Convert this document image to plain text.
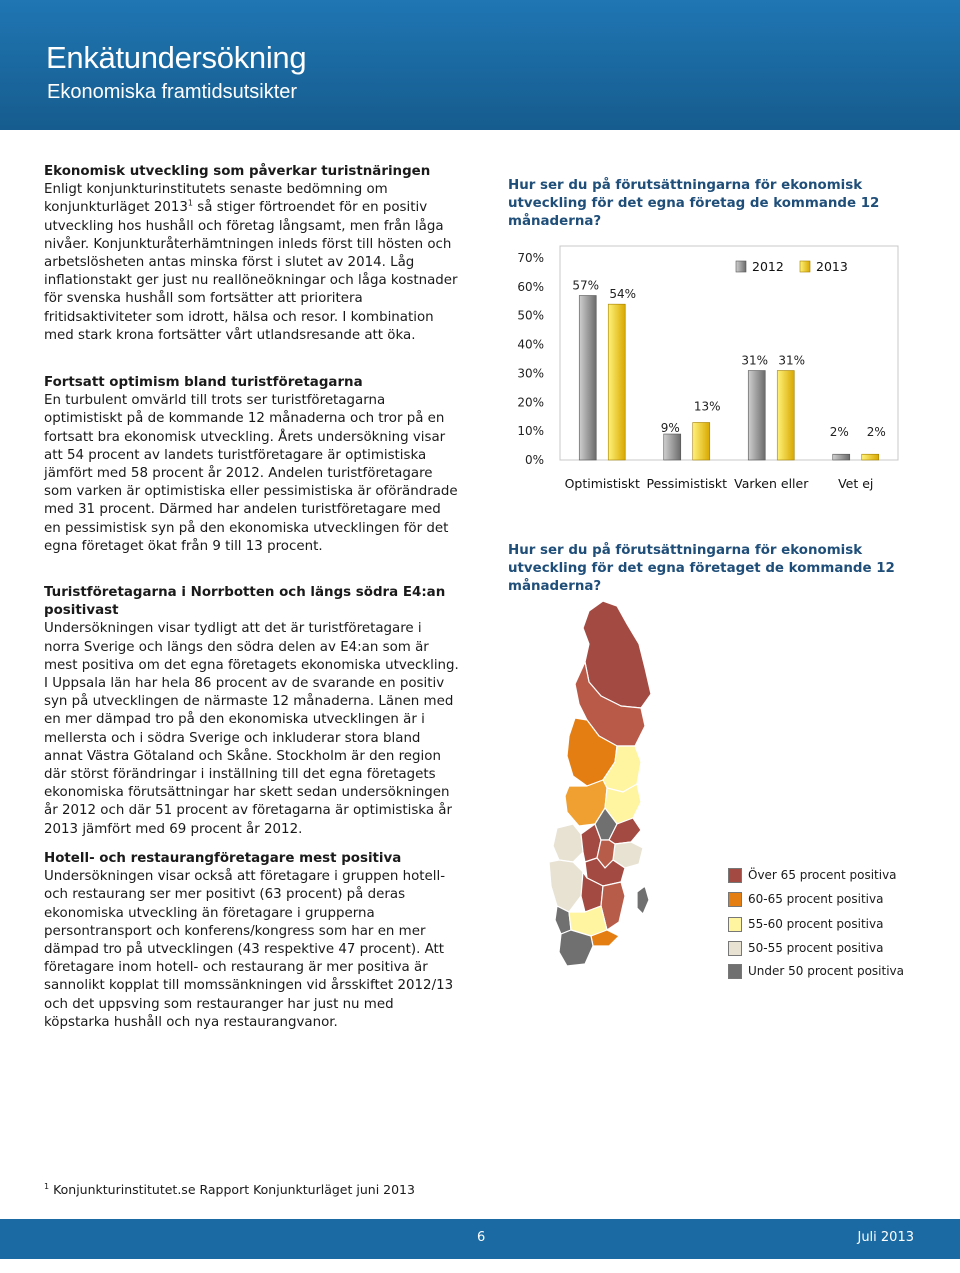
Enkätundersökning
Ekonomiska framtidsutsikter
Ekonomisk utveckling som påverkar turistnäringen

Enligt konjunkturinstitutets senaste bedömning om konjunkturläget 2013$^1$ så stiger förtroendet för en positiv utveckling hos hushåll och företag långsamt, men från låga nivåer. Konjunkturåterhämtningen inleds först till hösten och arbetslösheten antas minska först i slutet av 2014. Låg inflationstakt ger just nu reallöneökningar och låga kostnader för svenska hushåll som fortsätter att prioritera fritidsaktiviteter som idrott, hälsa och resor. I kombination med stark krona fortsätter vårt utlandsresande att öka.

Fortsatt optimism bland turistföretagarna

En turbulent omvärld till trots ser turistföretagarna optimistiskt på de kommande 12 månaderna och tror på en fortsatt bra ekonomisk utveckling. Årets undersökning visar att 54 procent av landets turistföretagare är optimistiska jämfört med 58 procent år 2012. Andelen turistföretagare som varken är optimistiska eller pessimistiska är oförändrade med 31 procent. Därmed har andelen turistföretagare med en pessimistisk syn på den ekonomiska utvecklingen för det egna företaget ökat från 9 till 13 procent.

Turistföretagarna i Norrbotten och längs södra E4:an positivast

Undersökningen visar tydligt att det är turistföretagare i norra Sverige och längs den södra delen av E4:an som är mest positiva om det egna företagets ekonomiska utveckling. I Uppsala län har hela 86 procent av de svarande en positiv syn på utvecklingen de närmaste 12 månaderna. Länen med en mer dämpad tro på den ekonomiska utvecklingen är i mellersta och i södra Sverige och inkluderar stora bland annat Västra Götaland och Skåne. Stockholm är den region där störst förändringar i inställning till det egna företagets ekonomiska förutsättningar har skett sedan undersökningen år 2012 och där 51 procent av företagarna är optimistiska år 2013 jämfört med 69 procent år 2012.

Hotell- och restaurangföretagare mest positiva

Undersökningen visar också att företagare i gruppen hotell- och restaurang ser mer positivt (63 procent) på deras ekonomiska utveckling än företagare i grupperna persontransport och konferens/kongress som har en mer dämpad tro på utvecklingen (43 respektive 47 procent). Att företagare inom hotell- och restaurang är mer positiva är sannolikt kopplat till momssänkningen vid årsskiftet 2012/13 och det uppsving som restauranger har just nu med köpstarka hushåll och nya restaurangvanor.

Hur ser du på förutsättningarna för ekonomisk utveckling för det egna företag de kommande 12 månaderna?
0%
10%
20%
30%
40%
50%
60%
70%
57%
54%
Optimistiskt
9%
13%
Pessimistiskt
31% 31%
Varken eller
2% 2%
Vet ej
2012	2013
Hur ser du på förutsättningarna för ekonomisk utveckling för det egna företaget de kommande 12 månaderna?
Över 65 procent positiva
60-65 procent positiva
55-60 procent positiva
50-55 procent positiva
Under 50 procent positiva
$^1$ Konjunkturinstitutet.se Rapport Konjunkturläget juni 2013
6	Juli 2013
